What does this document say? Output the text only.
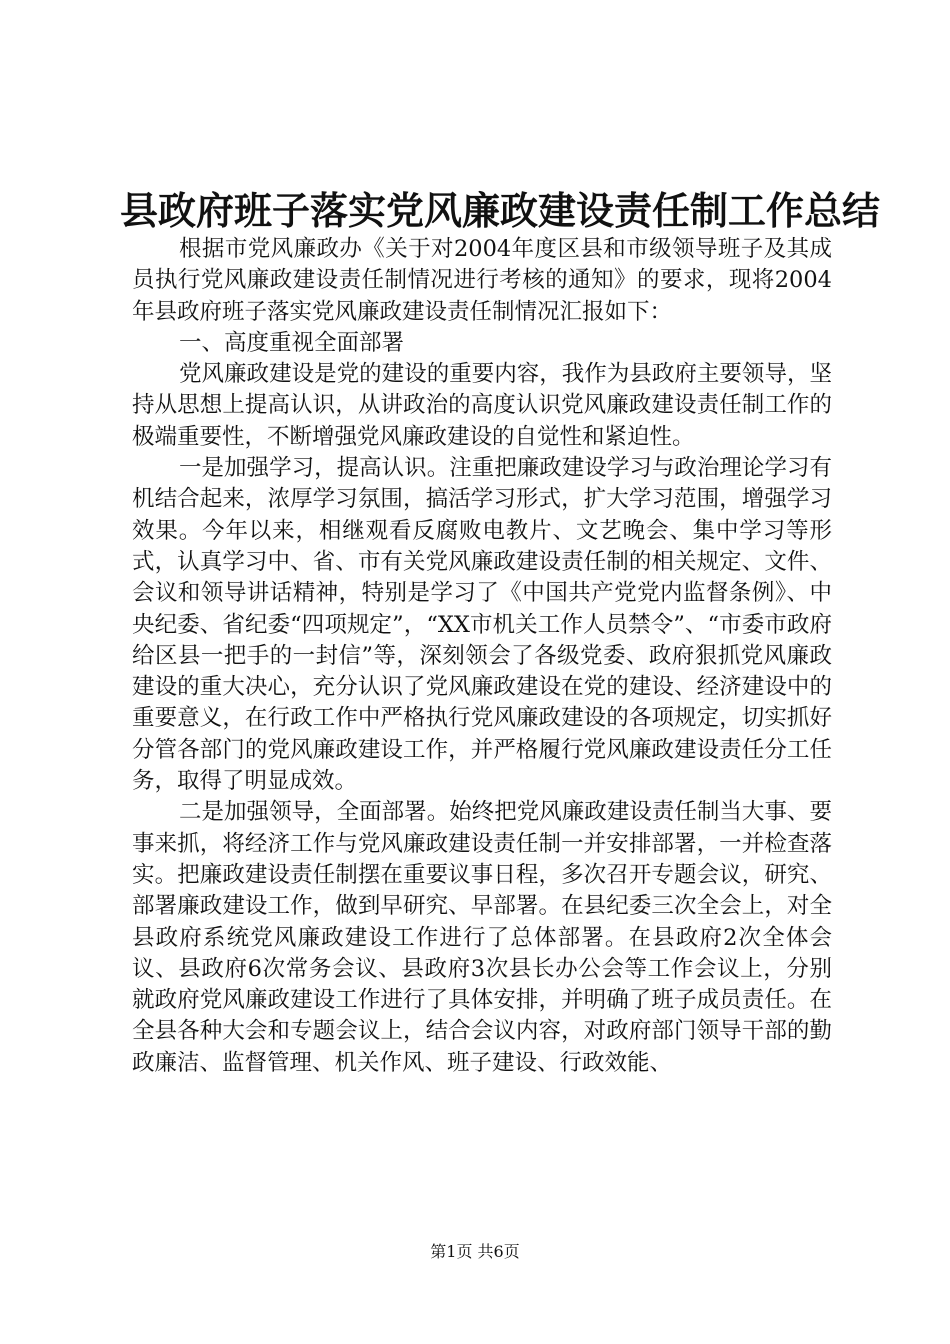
县政府班子落实党风廉政建设责任制工作总结

根据市党风廉政办《关于对2004年度区县和市级领导班子及其成员执行党风廉政建设责任制情况进行考核的通知》的要求，现将2004年县政府班子落实党风廉政建设责任制情况汇报如下：

一、高度重视全面部署

党风廉政建设是党的建设的重要内容，我作为县政府主要领导，坚持从思想上提高认识，从讲政治的高度认识党风廉政建设责任制工作的极端重要性，不断增强党风廉政建设的自觉性和紧迫性。

一是加强学习，提高认识。注重把廉政建设学习与政治理论学习有机结合起来，浓厚学习氛围，搞活学习形式，扩大学习范围，增强学习效果。今年以来，相继观看反腐败电教片、文艺晚会、集中学习等形式，认真学习中、省、市有关党风廉政建设责任制的相关规定、文件、会议和领导讲话精神，特别是学习了《中国共产党党内监督条例》、中央纪委、省纪委“四项规定”，“XX市机关工作人员禁令”、“市委市政府给区县一把手的一封信”等，深刻领会了各级党委、政府狠抓党风廉政建设的重大决心，充分认识了党风廉政建设在党的建设、经济建设中的重要意义，在行政工作中严格执行党风廉政建设的各项规定，切实抓好分管各部门的党风廉政建设工作，并严格履行党风廉政建设责任分工任务，取得了明显成效。

二是加强领导，全面部署。始终把党风廉政建设责任制当大事、要事来抓，将经济工作与党风廉政建设责任制一并安排部署，一并检查落实。把廉政建设责任制摆在重要议事日程，多次召开专题会议，研究、部署廉政建设工作，做到早研究、早部署。在县纪委三次全会上，对全县政府系统党风廉政建设工作进行了总体部署。在县政府2次全体会议、县政府6次常务会议、县政府3次县长办公会等工作会议上，分别就政府党风廉政建设工作进行了具体安排，并明确了班子成员责任。在全县各种大会和专题会议上，结合会议内容，对政府部门领导干部的勤政廉洁、监督管理、机关作风、班子建设、行政效能、

第1页 共6页
